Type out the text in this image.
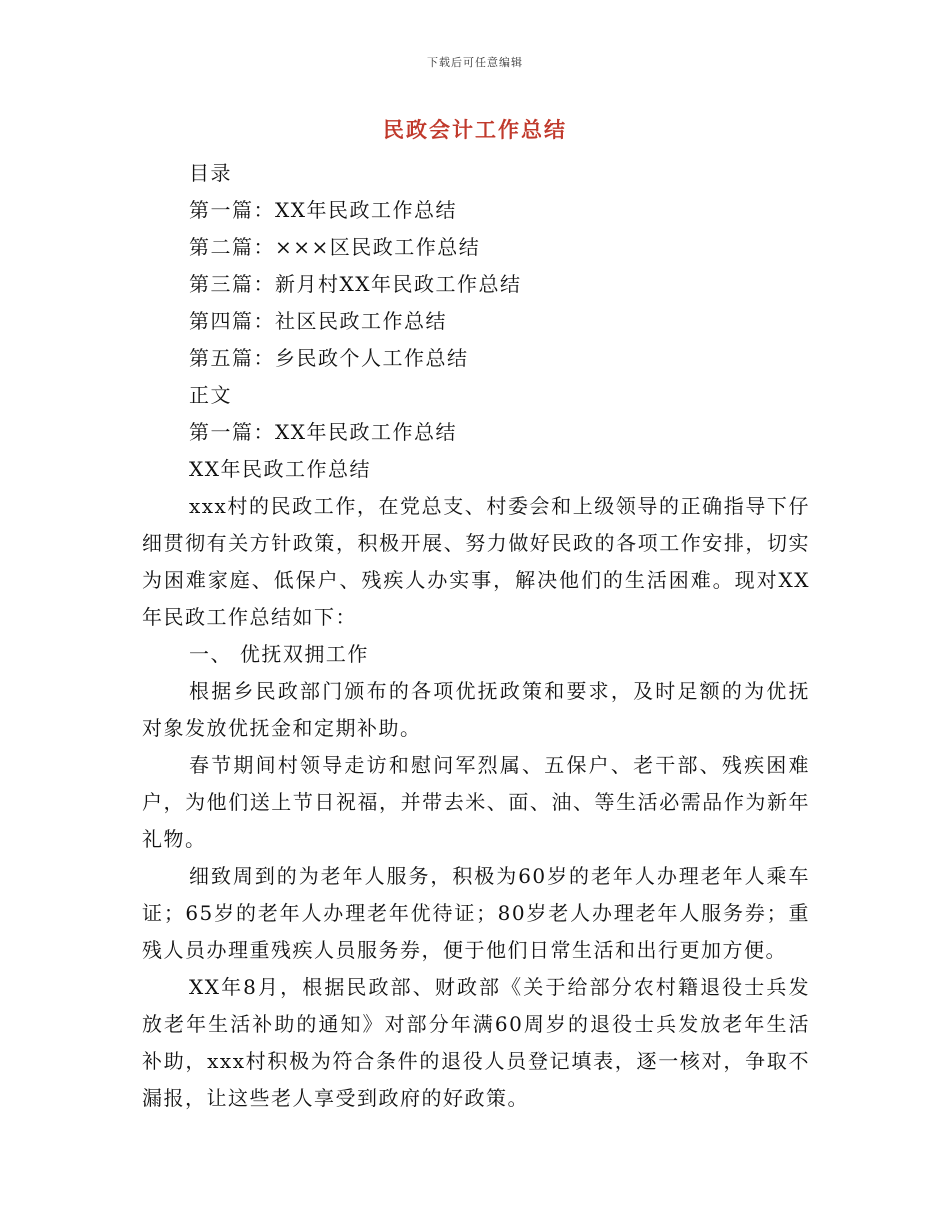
下载后可任意编辑
民政会计工作总结
目录
第一篇：XX年民政工作总结
第二篇：×××区民政工作总结
第三篇：新月村XX年民政工作总结
第四篇：社区民政工作总结
第五篇：乡民政个人工作总结
正文
第一篇：XX年民政工作总结
XX年民政工作总结

xxx村的民政工作，在党总支、村委会和上级领导的正确指导下仔细贯彻有关方针政策，积极开展、努力做好民政的各项工作安排，切实为困难家庭、低保户、残疾人办实事，解决他们的生活困难。现对XX年民政工作总结如下：

一、 优抚双拥工作

根据乡民政部门颁布的各项优抚政策和要求，及时足额的为优抚对象发放优抚金和定期补助。

春节期间村领导走访和慰问军烈属、五保户、老干部、残疾困难户，为他们送上节日祝福，并带去米、面、油、等生活必需品作为新年礼物。

细致周到的为老年人服务，积极为60岁的老年人办理老年人乘车证；65岁的老年人办理老年优待证；80岁老人办理老年人服务券；重残人员办理重残疾人员服务券，便于他们日常生活和出行更加方便。

XX年8月，根据民政部、财政部《关于给部分农村籍退役士兵发放老年生活补助的通知》对部分年满60周岁的退役士兵发放老年生活补助，xxx村积极为符合条件的退役人员登记填表，逐一核对，争取不漏报，让这些老人享受到政府的好政策。
